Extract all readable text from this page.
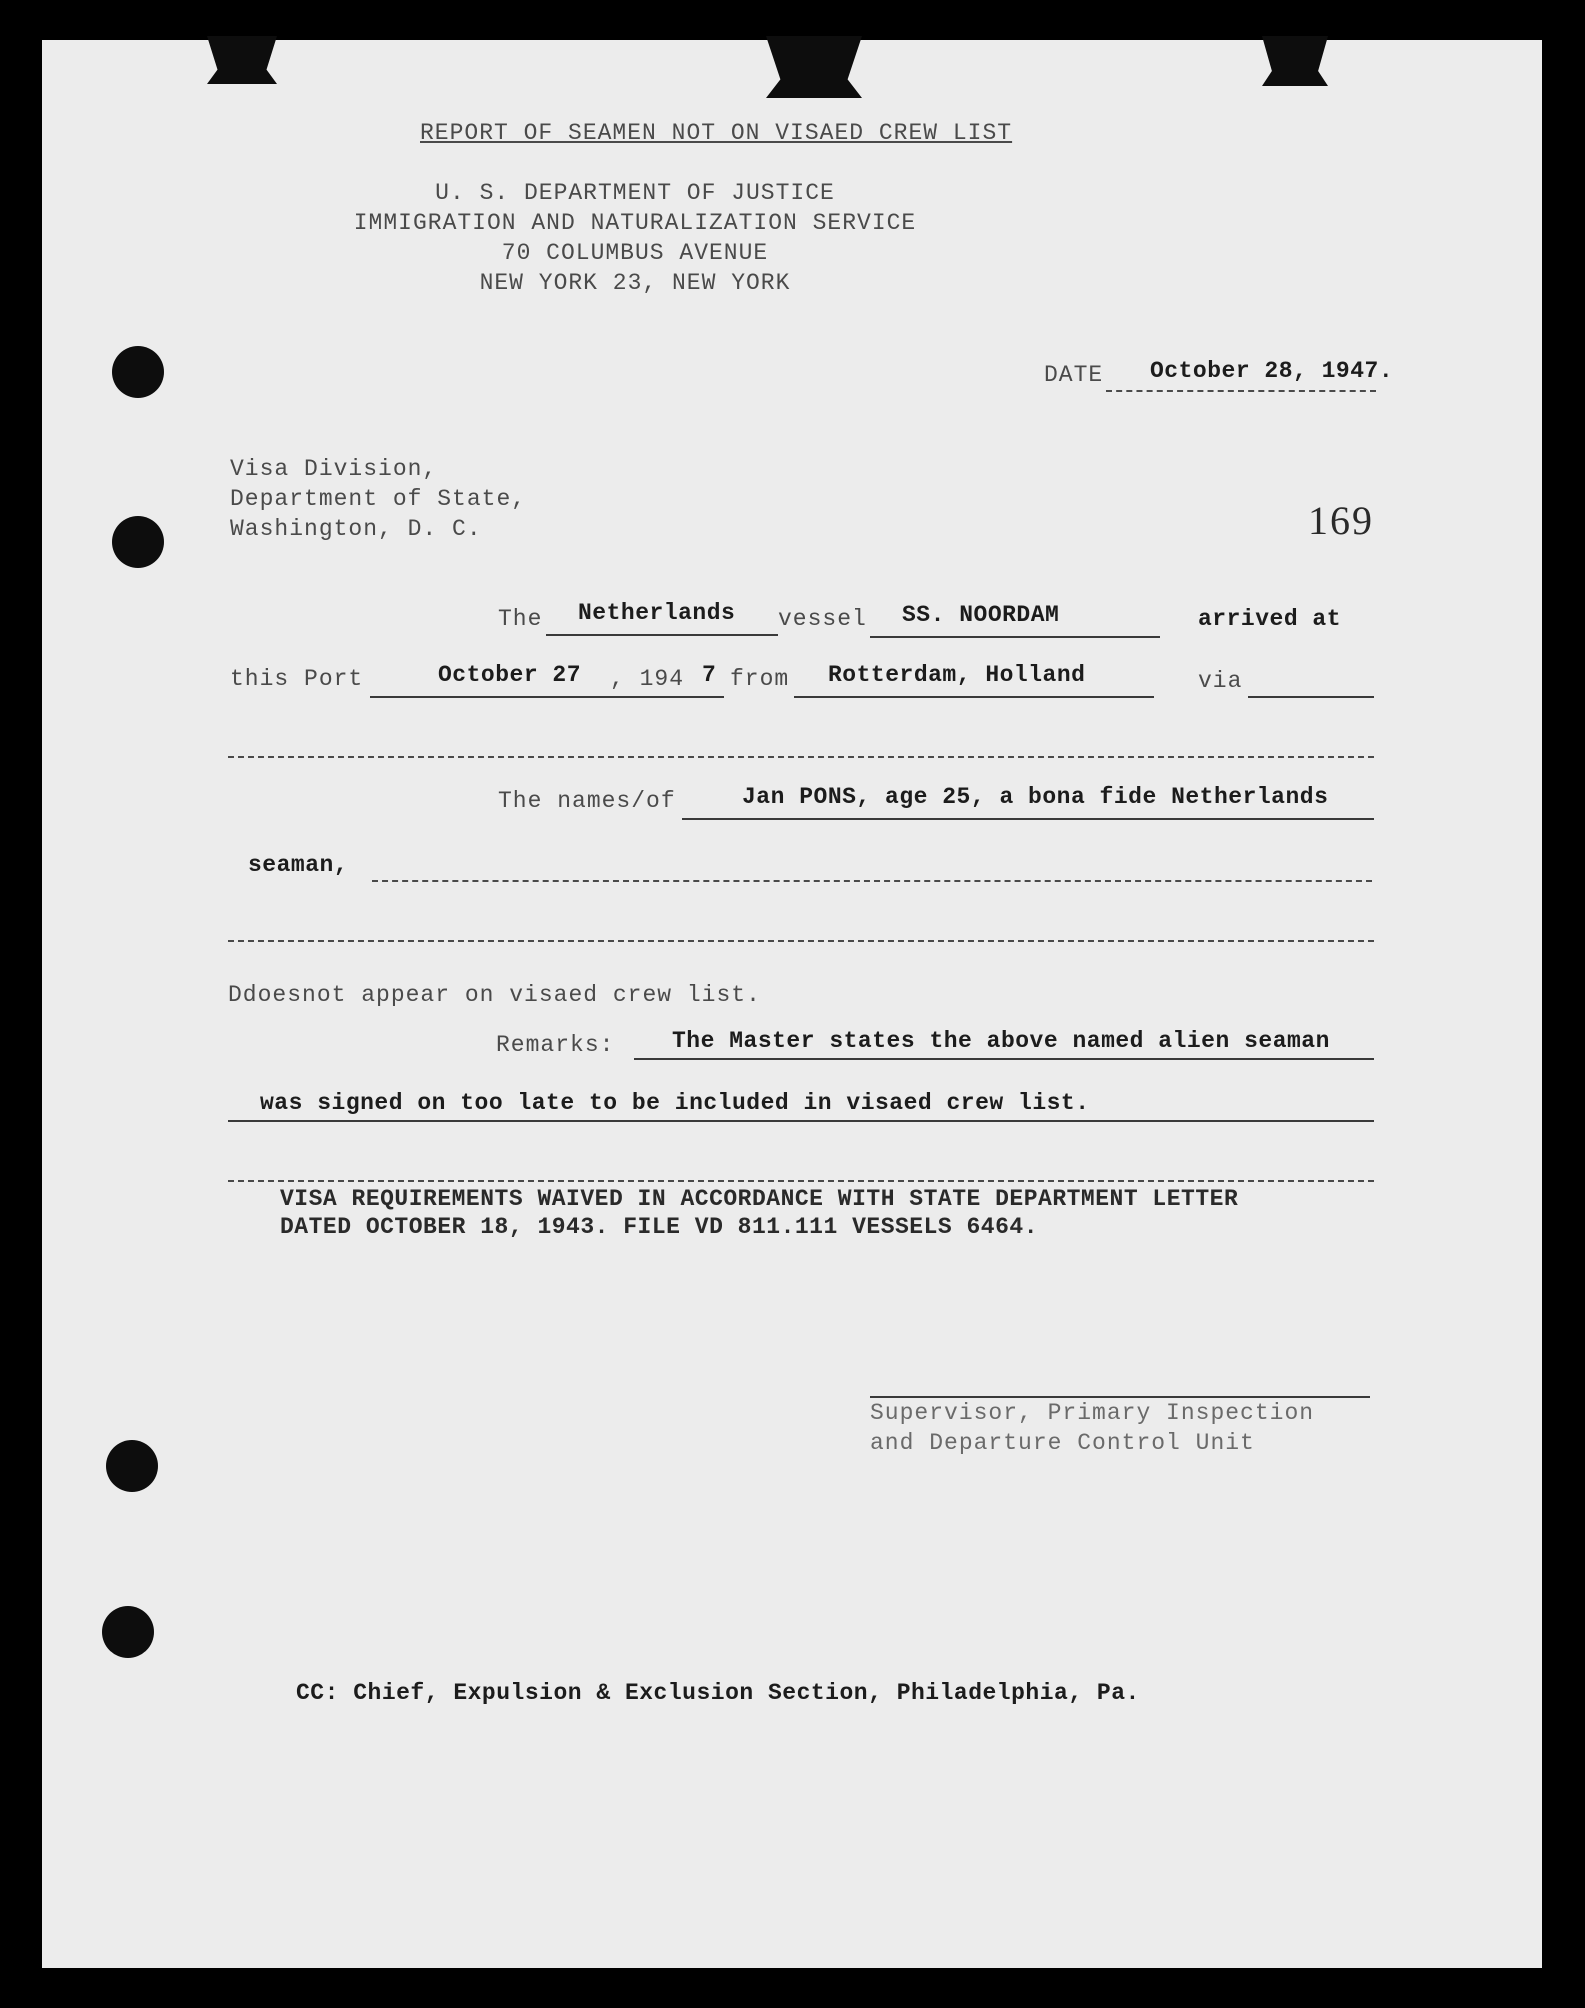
REPORT OF SEAMEN NOT ON VISAED CREW LIST
U. S. DEPARTMENT OF JUSTICE
IMMIGRATION AND NATURALIZATION SERVICE
70 COLUMBUS AVENUE
NEW YORK 23, NEW YORK
DATE October 28, 1947.
Visa Division,
Department of State,
Washington, D. C.	169
The Netherlands vessel SS. NOORDAM	arrived at
this Port	October 27 , 194 7 from Rotterdam, Holland	via
The names/of	Jan PONS, age 25, a bona fide Netherlands
seaman,
Ddoesnot appear on visaed crew list.
Remarks:	The Master states the above named alien seaman
was signed on too late to be included in visaed crew list.
VISA REQUIREMENTS WAIVED IN ACCORDANCE WITH STATE DEPARTMENT LETTER
DATED OCTOBER 18, 1943. FILE VD 811.111 VESSELS 6464.
Supervisor, Primary Inspection
and Departure Control Unit
CC: Chief, Expulsion & Exclusion Section, Philadelphia, Pa.
